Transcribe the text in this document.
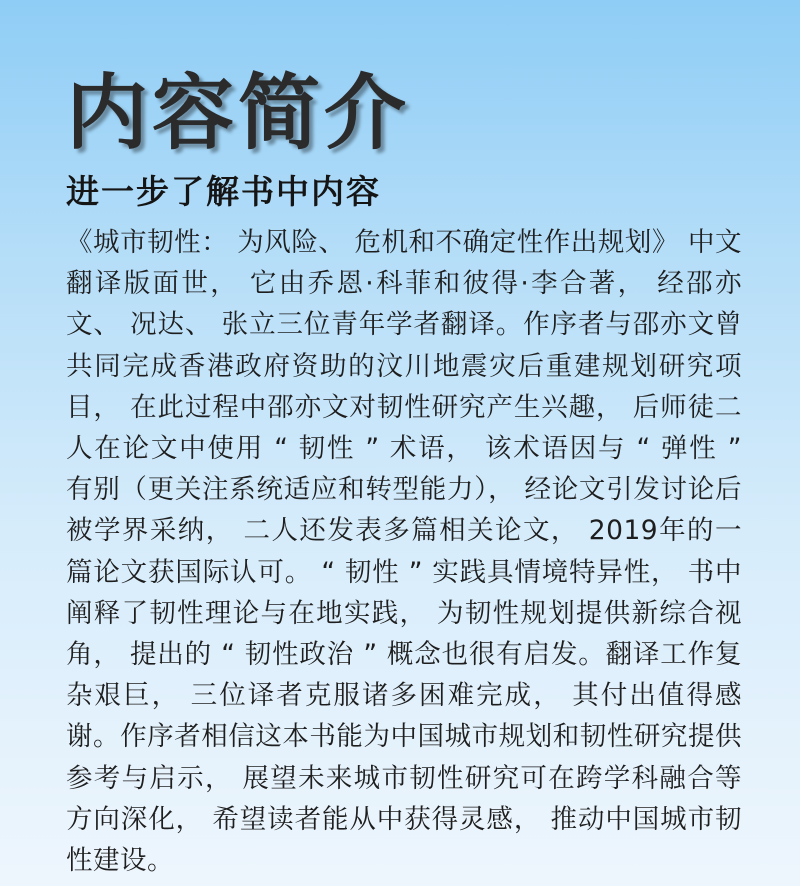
内容简介
进一步了解书中内容

《城市韧性： 为风险、 危机和不确定性作出规划》 中文翻译版面世， 它由乔恩·科菲和彼得·李合著， 经邵亦文、 况达、 张立三位青年学者翻译。作序者与邵亦文曾共同完成香港政府资助的汶川地震灾后重建规划研究项目， 在此过程中邵亦文对韧性研究产生兴趣， 后师徒二人在论文中使用 “ 韧性 ” 术语， 该术语因与 “ 弹性 ” 有别（更关注系统适应和转型能力）， 经论文引发讨论后被学界采纳， 二人还发表多篇相关论文， 2019年的一篇论文获国际认可。 “ 韧性 ” 实践具情境特异性， 书中阐释了韧性理论与在地实践， 为韧性规划提供新综合视角， 提出的 “ 韧性政治 ” 概念也很有启发。翻译工作复杂艰巨， 三位译者克服诸多困难完成， 其付出值得感谢。作序者相信这本书能为中国城市规划和韧性研究提供参考与启示， 展望未来城市韧性研究可在跨学科融合等方向深化， 希望读者能从中获得灵感， 推动中国城市韧性建设。
